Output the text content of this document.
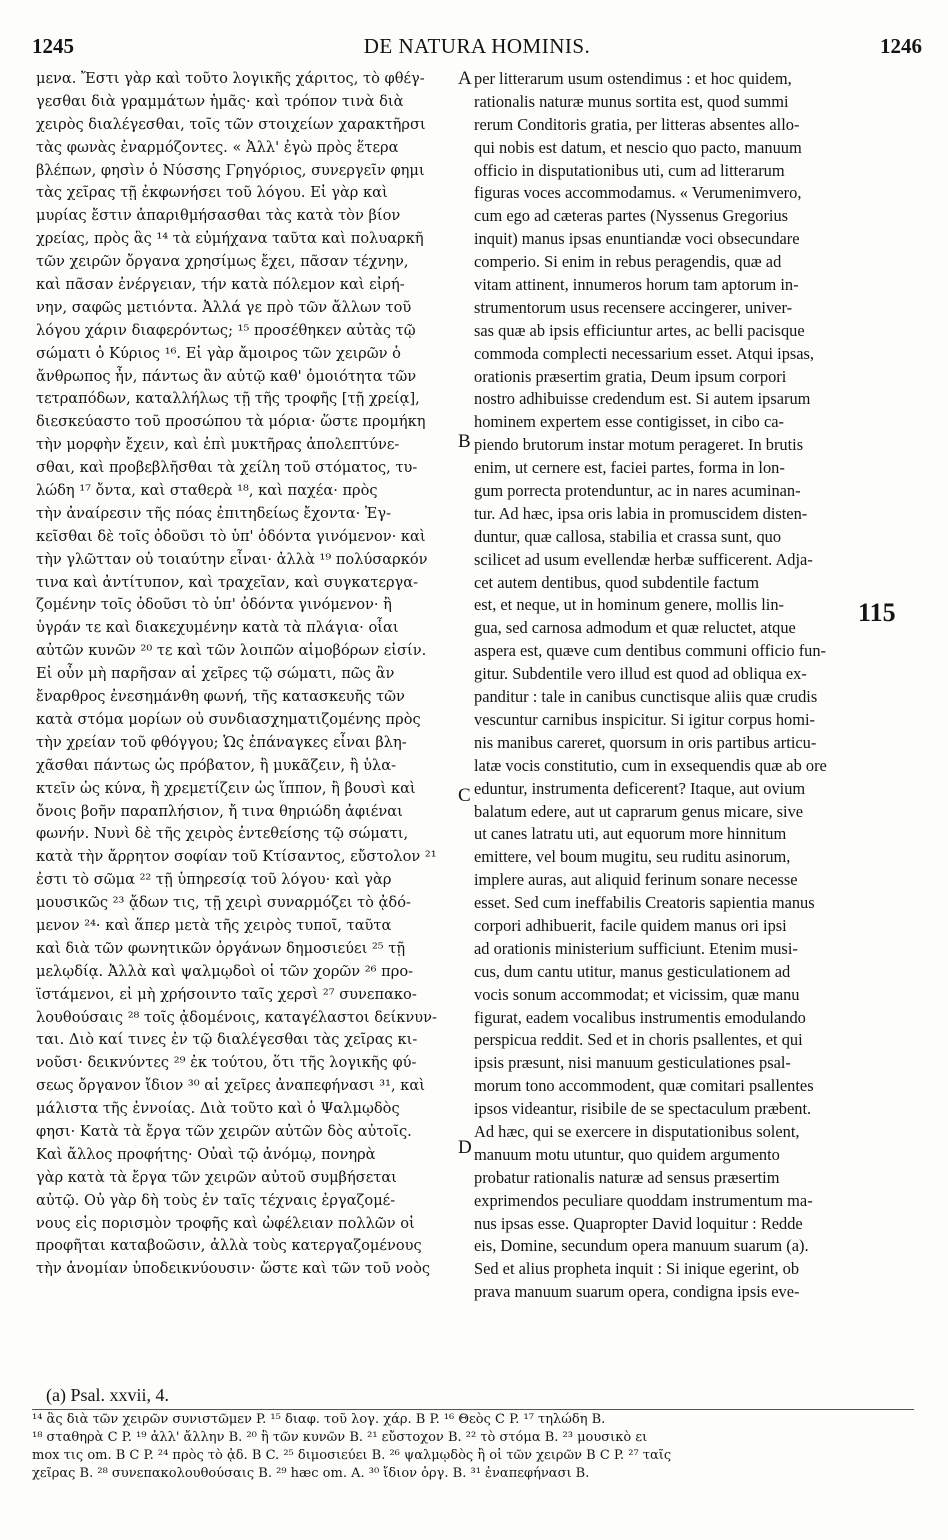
1245	DE NATURA HOMINIS.	1246
μενα. Ἔστι γὰρ καὶ τοῦτο λογικῆς χάριτος, τὸ φθέγ-
γεσθαι διὰ γραμμάτων ἡμᾶς· καὶ τρόπον τινὰ διὰ
χειρὸς διαλέγεσθαι, τοῖς τῶν στοιχείων χαρακτῆρσι
τὰς φωνὰς ἐναρμόζοντες. « Ἀλλ' ἐγὼ πρὸς ἕτερα
βλέπων, φησὶν ὁ Νύσσης Γρηγόριος, συνεργεῖν φημι
τὰς χεῖρας τῇ ἐκφωνήσει τοῦ λόγου. Εἰ γὰρ καὶ
μυρίας ἔστιν ἀπαριθμήσασθαι τὰς κατὰ τὸν βίον
χρείας, πρὸς ἃς ¹⁴ τὰ εὐμήχανα ταῦτα καὶ πολυαρκῆ
τῶν χειρῶν ὄργανα χρησίμως ἔχει, πᾶσαν τέχνην,
καὶ πᾶσαν ἐνέργειαν, τήν κατὰ πόλεμον καὶ εἰρή-
νην, σαφῶς μετιόντα. Ἀλλά γε πρὸ τῶν ἄλλων τοῦ
λόγου χάριν διαφερόντως; ¹⁵ προσέθηκεν αὐτὰς τῷ
σώματι ὁ Κύριος ¹⁶. Εἰ γὰρ ἄμοιρος τῶν χειρῶν ὁ
ἄνθρωπος ἦν, πάντως ἂν αὐτῷ καθ' ὁμοιότητα τῶν
τετραπόδων, καταλλήλως τῇ τῆς τροφῆς [τῇ χρείᾳ],
διεσκεύαστο τοῦ προσώπου τὰ μόρια· ὥστε προμήκη
τὴν μορφὴν ἔχειν, καὶ ἐπὶ μυκτῆρας ἀπολεπτύνε-
σθαι, καὶ προβεβλῆσθαι τὰ χείλη τοῦ στόματος, τυ-
λώδη ¹⁷ ὄντα, καὶ σταθερὰ ¹⁸, καὶ παχέα· πρὸς
τὴν ἀναίρεσιν τῆς πόας ἐπιτηδείως ἔχοντα· Ἐγ-
κεῖσθαι δὲ τοῖς ὀδοῦσι τὸ ὑπ' ὀδόντα γινόμενον· καὶ
τὴν γλῶτταν οὐ τοιαύτην εἶναι· ἀλλὰ ¹⁹ πολύσαρκόν
τινα καὶ ἀντίτυπον, καὶ τραχεῖαν, καὶ συγκατεργα-
ζομένην τοῖς ὀδοῦσι τὸ ὑπ' ὀδόντα γινόμενον· ἢ
ὑγράν τε καὶ διακεχυμένην κατὰ τὰ πλάγια· οἷαι
αὐτῶν κυνῶν ²⁰ τε καὶ τῶν λοιπῶν αἱμοβόρων εἰσίν.
Εἰ οὖν μὴ παρῆσαν αἱ χεῖρες τῷ σώματι, πῶς ἂν
ἔναρθρος ἐνεσημάνθη φωνή, τῆς κατασκευῆς τῶν
κατὰ στόμα μορίων οὐ συνδιασχηματιζομένης πρὸς
τὴν χρείαν τοῦ φθόγγου; Ὡς ἐπάναγκες εἶναι βλη-
χᾶσθαι πάντως ὡς πρόβατον, ἢ μυκᾶζειν, ἢ ὑλα-
κτεῖν ὡς κύνα, ἢ χρεμετίζειν ὡς ἵππον, ἢ βουσὶ καὶ
ὄνοις βοῆν παραπλήσιον, ἤ τινα θηριώδη ἀφιέναι
φωνήν. Νυνὶ δὲ τῆς χειρὸς ἐντεθείσης τῷ σώματι,
κατὰ τὴν ἄρρητον σοφίαν τοῦ Κτίσαντος, εὔστολον ²¹
ἐστι τὸ σῶμα ²² τῇ ὑπηρεσίᾳ τοῦ λόγου· καὶ γὰρ
μουσικῶς ²³ ᾄδων τις, τῇ χειρὶ συναρμόζει τὸ ᾀδό-
μενον ²⁴· καὶ ἅπερ μετὰ τῆς χειρὸς τυποῖ, ταῦτα
καὶ διὰ τῶν φωνητικῶν ὀργάνων δημοσιεύει ²⁵ τῇ
μελῳδίᾳ. Ἀλλὰ καὶ ψαλμῳδοὶ οἱ τῶν χορῶν ²⁶ προ-
ϊστάμενοι, εἰ μὴ χρήσοιντο ταῖς χερσὶ ²⁷ συνεπακο-
λουθούσαις ²⁸ τοῖς ᾀδομένοις, καταγέλαστοι δείκνυν-
ται. Διὸ καί τινες ἐν τῷ διαλέγεσθαι τὰς χεῖρας κι-
νοῦσι· δεικνύντες ²⁹ ἐκ τούτου, ὅτι τῆς λογικῆς φύ-
σεως ὄργανον ἴδιον ³⁰ αἱ χεῖρες ἀναπεφήνασι ³¹, καὶ
μάλιστα τῆς ἐννοίας. Διὰ τοῦτο καὶ ὁ Ψαλμῳδὸς
φησι· Κατὰ τὰ ἔργα τῶν χειρῶν αὐτῶν δὸς αὐτοῖς.
Καὶ ἄλλος προφήτης· Οὐαὶ τῷ ἀνόμῳ, πονηρὰ
γὰρ κατὰ τὰ ἔργα τῶν χειρῶν αὐτοῦ συμβήσεται
αὐτῷ. Οὐ γὰρ δὴ τοὺς ἐν ταῖς τέχναις ἐργαζομέ-
νους εἰς πορισμὸν τροφῆς καὶ ὠφέλειαν πολλῶν οἱ
προφῆται καταβοῶσιν, ἀλλὰ τοὺς κατεργαζομένους
τὴν ἀνομίαν ὑποδεικνύουσιν· ὥστε καὶ τῶν τοῦ νοὸς
per litterarum usum ostendimus : et hoc quidem,
rationalis naturæ munus sortita est, quod summi
rerum Conditoris gratia, per litteras absentes allo-
qui nobis est datum, et nescio quo pacto, manuum
officio in disputationibus uti, cum ad litterarum
figuras voces accommodamus. « Verumenimvero,
cum ego ad cæteras partes (Nyssenus Gregorius
inquit) manus ipsas enuntiandæ voci obsecundare
comperio. Si enim in rebus peragendis, quæ ad
vitam attinent, innumeros horum tam aptorum in-
strumentorum usus recensere accingerer, univer-
sas quæ ab ipsis efficiuntur artes, ac belli pacisque
commoda complecti necessarium esset. Atqui ipsas,
orationis præsertim gratia, Deum ipsum corpori
nostro adhibuisse credendum est. Si autem ipsarum
hominem expertem esse contigisset, in cibo ca-
piendo brutorum instar motum perageret. In brutis
enim, ut cernere est, faciei partes, forma in lon-
gum porrecta protenduntur, ac in nares acuminan-
tur. Ad hæc, ipsa oris labia in promuscidem disten-
duntur, quæ callosa, stabilia et crassa sunt, quo
scilicet ad usum evellendæ herbæ sufficerent. Adja-
cet autem dentibus, quod subdentile factum
est, et neque, ut in hominum genere, mollis lin-
gua, sed carnosa admodum et quæ reluctet, atque
aspera est, quæve cum dentibus communi officio fun-
gitur. Subdentile vero illud est quod ad obliqua ex-
panditur : tale in canibus cunctisque aliis quæ crudis
vescuntur carnibus inspicitur. Si igitur corpus homi-
nis manibus careret, quorsum in oris partibus articu-
latæ vocis constitutio, cum in exsequendis quæ ab ore
eduntur, instrumenta deficerent? Itaque, aut ovium
balatum edere, aut ut caprarum genus micare, sive
ut canes latratu uti, aut equorum more hinnitum
emittere, vel boum mugitu, seu ruditu asinorum,
implere auras, aut aliquid ferinum sonare necesse
esset. Sed cum ineffabilis Creatoris sapientia manus
corpori adhibuerit, facile quidem manus ori ipsi
ad orationis ministerium sufficiunt. Etenim musi-
cus, dum cantu utitur, manus gesticulationem ad
vocis sonum accommodat; et vicissim, quæ manu
figurat, eadem vocalibus instrumentis emodulando
perspicua reddit. Sed et in choris psallentes, et qui
ipsis præsunt, nisi manuum gesticulationes psal-
morum tono accommodent, quæ comitari psallentes
ipsos videantur, risibile de se spectaculum præbent.
Ad hæc, qui se exercere in disputationibus solent,
manuum motu utuntur, quo quidem argumento
probatur rationalis naturæ ad sensus præsertim
exprimendos peculiare quoddam instrumentum ma-
nus ipsas esse. Quapropter David loquitur : Redde
eis, Domine, secundum opera manuum suarum (a).
Sed et alius propheta inquit : Si inique egerint, ob
prava manuum suarum opera, condigna ipsis eve-
A
B
C
D
115
(a) Psal. xxvii, 4.
¹⁴ ἃς διὰ τῶν χειρῶν συνιστῶμεν P. ¹⁵ διαφ. τοῦ λογ. χάρ. B P. ¹⁶ Θεὸς C P. ¹⁷ τηλώδη B.
¹⁸ σταθηρὰ C P. ¹⁹ ἀλλ' ἄλλην B. ²⁰ ἢ τῶν κυνῶν B. ²¹ εὔστοχον B. ²² τὸ στόμα B. ²³ μουσικὸ ει
mox τις om. B C P. ²⁴ πρὸς τὸ ᾀδ. B C. ²⁵ διμοσιεύει B. ²⁶ ψαλμῳδὸς ἢ οἱ τῶν χειρῶν B C P. ²⁷ ταῖς
χεῖρας B. ²⁸ συνεπακολουθούσαις B. ²⁹ hæc om. A. ³⁰ ἴδιον ὀργ. B. ³¹ ἐναπεφήνασι B.
